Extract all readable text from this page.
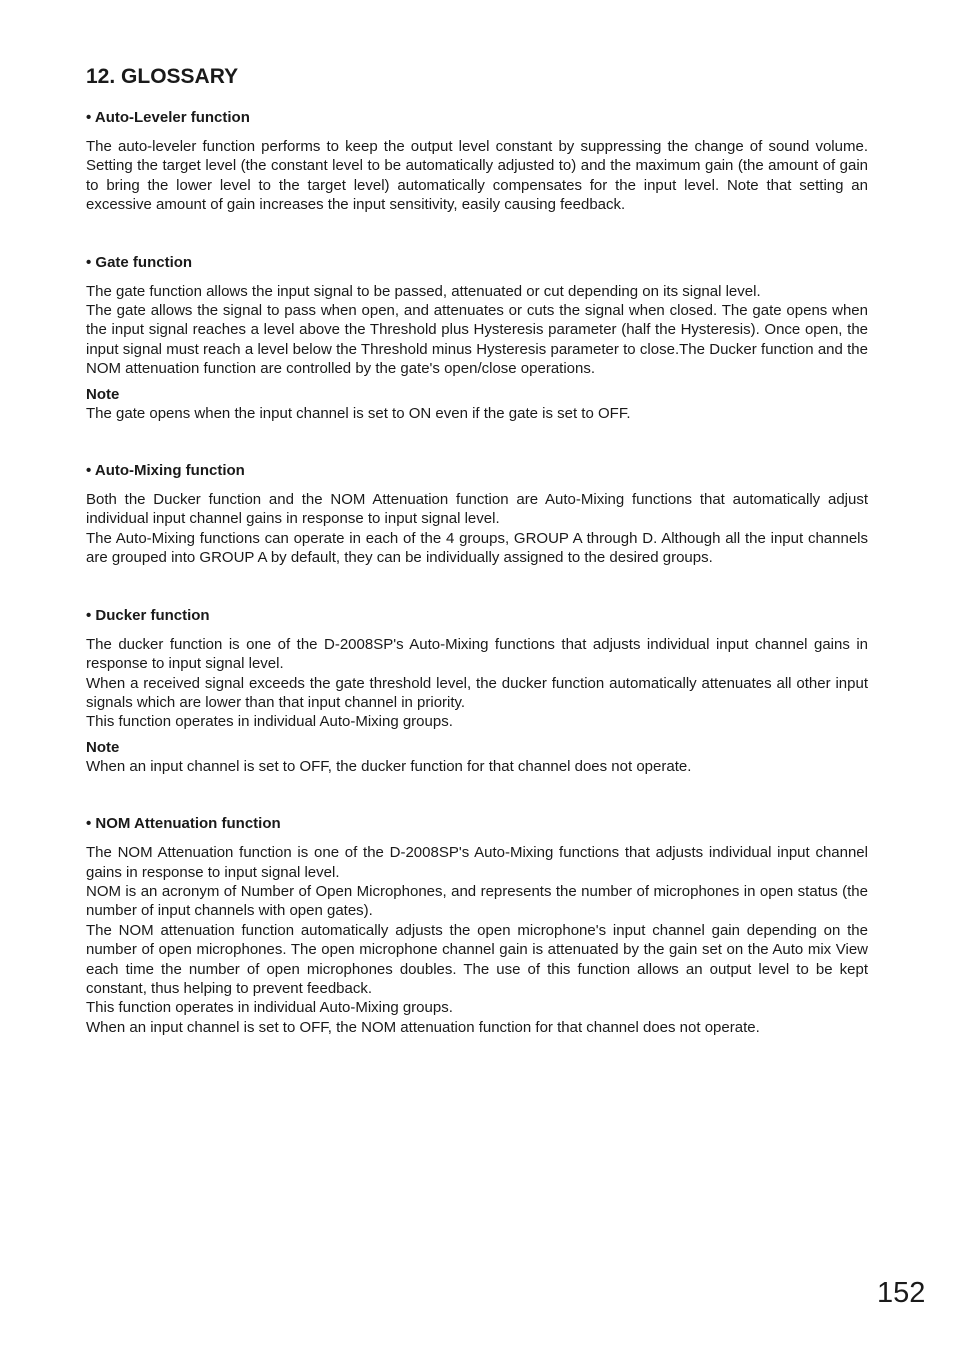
12. GLOSSARY
• Auto-Leveler function

The auto-leveler function performs to keep the output level constant by suppressing the change of sound volume. Setting the target level (the constant level to be automatically adjusted to) and the maximum gain (the amount of gain to bring the lower level to the target level) automatically compensates for the input level. Note that setting an excessive amount of gain increases the input sensitivity, easily causing feedback.

• Gate function

The gate function allows the input signal to be passed, attenuated or cut depending on its signal level.

The gate allows the signal to pass when open, and attenuates or cuts the signal when closed. The gate opens when the input signal reaches a level above the Threshold plus Hysteresis parameter (half the Hysteresis). Once open, the input signal must reach a level below the Threshold minus Hysteresis parameter to close.The Ducker function and the NOM attenuation function are controlled by the gate's open/close operations.

Note

The gate opens when the input channel is set to ON even if the gate is set to OFF.

• Auto-Mixing function

Both the Ducker function and the NOM Attenuation function are Auto-Mixing functions that automatically adjust individual input channel gains in response to input signal level.

The Auto-Mixing functions can operate in each of the 4 groups, GROUP A through D. Although all the input channels are grouped into GROUP A by default, they can be individually assigned to the desired groups.

• Ducker function

The ducker function is one of the D-2008SP's Auto-Mixing functions that adjusts individual input channel gains in response to input signal level.

When a received signal exceeds the gate threshold level, the ducker function automatically attenuates all other input signals which are lower than that input channel in priority.

This function operates in individual Auto-Mixing groups.

Note

When an input channel is set to OFF, the ducker function for that channel does not operate.

• NOM Attenuation function

The NOM Attenuation function is one of the D-2008SP's Auto-Mixing functions that adjusts individual input channel gains in response to input signal level.

NOM is an acronym of Number of Open Microphones, and represents the number of microphones in open status (the number of input channels with open gates).

The NOM attenuation function automatically adjusts the open microphone's input channel gain depending on the number of open microphones. The open microphone channel gain is attenuated by the gain set on the Auto mix View each time the number of open microphones doubles. The use of this function allows an output level to be kept constant, thus helping to prevent feedback.

This function operates in individual Auto-Mixing groups.

When an input channel is set to OFF, the NOM attenuation function for that channel does not operate.

152
